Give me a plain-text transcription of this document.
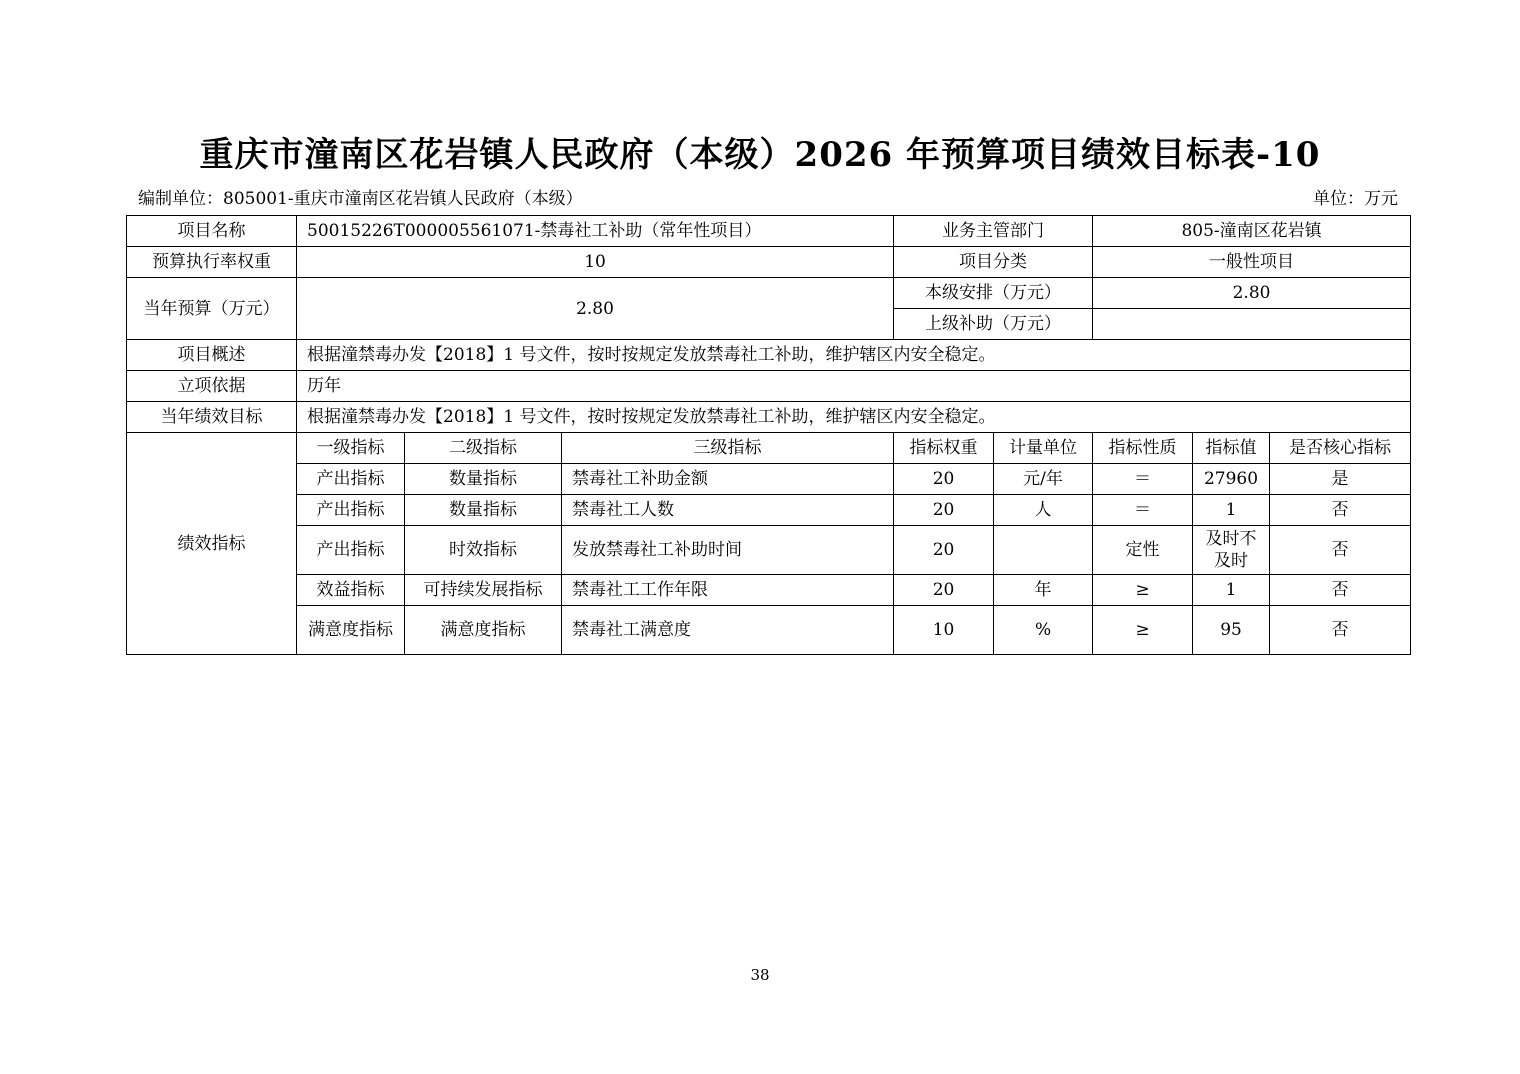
重庆市潼南区花岩镇人民政府（本级）2026 年预算项目绩效目标表-10
编制单位：805001-重庆市潼南区花岩镇人民政府（本级）	单位：万元
项目名称	50015226T000005561071-禁毒社工补助（常年性项目）			业务主管部门		805-潼南区花岩镇		
预算执行率权重	10			项目分类		一般性项目		
当年预算（万元）	2.80			本级安排（万元）		2.80		
				上级补助（万元）				
项目概述	根据潼禁毒办发【2018】1 号文件，按时按规定发放禁毒社工补助，维护辖区内安全稳定。							
立项依据	历年							
当年绩效目标	根据潼禁毒办发【2018】1 号文件，按时按规定发放禁毒社工补助，维护辖区内安全稳定。							
绩效指标	一级指标	二级指标	三级指标	指标权重	计量单位	指标性质	指标值	是否核心指标
	产出指标	数量指标	禁毒社工补助金额	20	元/年	＝	27960	是
	产出指标	数量指标	禁毒社工人数	20	人	＝	1	否
	产出指标	时效指标	发放禁毒社工补助时间	20		定性	及时不及时	否
	效益指标	可持续发展指标	禁毒社工工作年限	20	年	≥	1	否
	满意度指标	满意度指标	禁毒社工满意度	10	%	≥	95	否
38
